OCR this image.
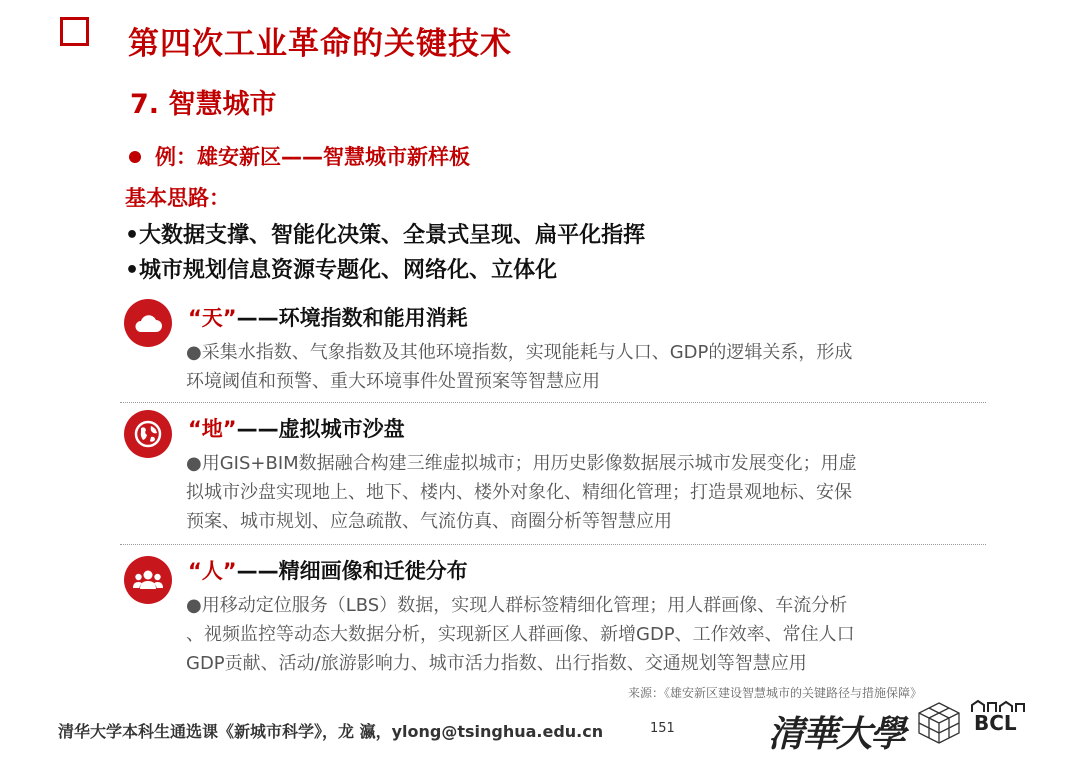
第四次工业革命的关键技术
7. 智慧城市
例：雄安新区——智慧城市新样板
基本思路：
•大数据支撑、智能化决策、全景式呈现、扁平化指挥
•城市规划信息资源专题化、网络化、立体化
“天”——环境指数和能用消耗
●采集水指数、气象指数及其他环境指数，实现能耗与人口、GDP的逻辑关系，形成
环境阈值和预警、重大环境事件处置预案等智慧应用
“地”——虚拟城市沙盘
●用GIS+BIM数据融合构建三维虚拟城市；用历史影像数据展示城市发展变化；用虚
拟城市沙盘实现地上、地下、楼内、楼外对象化、精细化管理；打造景观地标、安保
预案、城市规划、应急疏散、气流仿真、商圈分析等智慧应用
“人”——精细画像和迁徙分布
●用移动定位服务（LBS）数据，实现人群标签精细化管理；用人群画像、车流分析
、视频监控等动态大数据分析，实现新区人群画像、新增GDP、工作效率、常住人口
GDP贡献、活动/旅游影响力、城市活力指数、出行指数、交通规划等智慧应用
来源：《雄安新区建设智慧城市的关键路径与措施保障》
清华大学本科生通选课《新城市科学》，龙 瀛，ylong@tsinghua.edu.cn	151	清華大學	BCL
